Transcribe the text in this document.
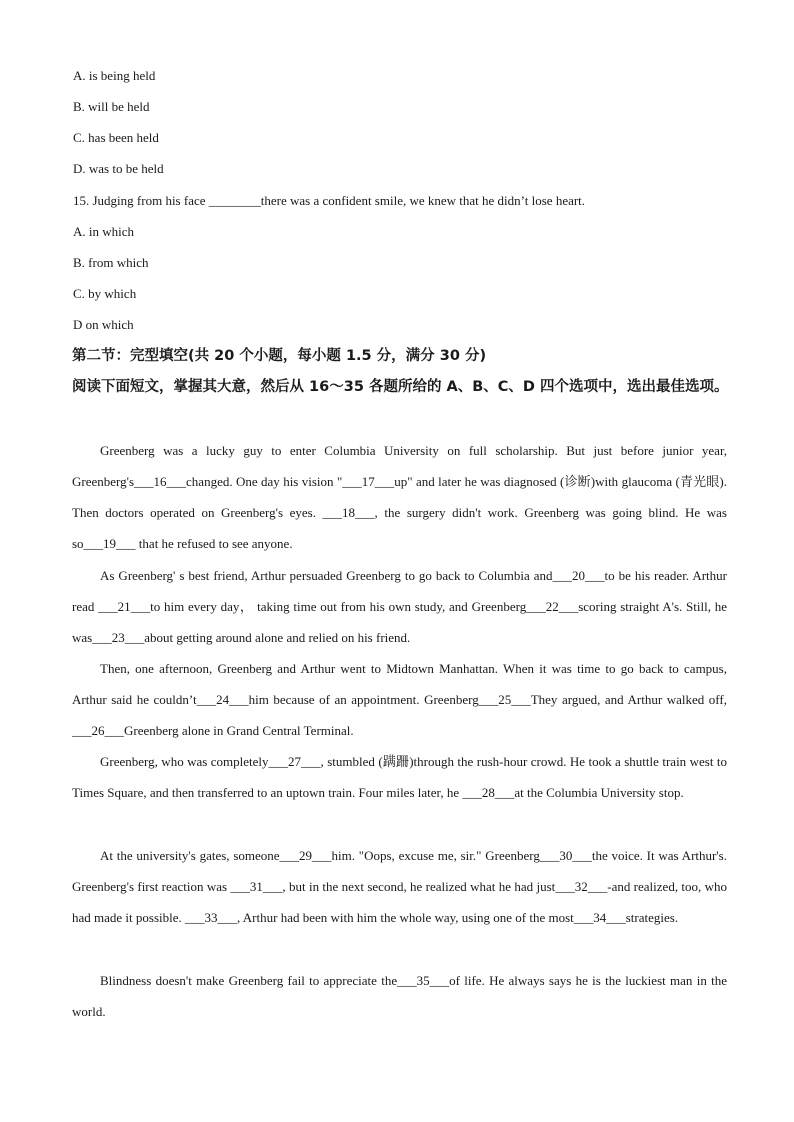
A. is being held
B. will be held
C. has been held
D. was to be held
15. Judging from his face ________there was a confident smile, we knew that he didn’t lose heart.
A. in which
B. from which
C. by which
D on which
第二节：完型填空(共 20 个小题，每小题 1.5 分，满分 30 分)
阅读下面短文，掌握其大意，然后从 16～35 各题所给的 A、B、C、D 四个选项中，选出最佳选项。
Greenberg was a lucky guy to enter Columbia University on full scholarship. But just before junior year, Greenberg's___16___changed. One day his vision "___17___up" and later he was diagnosed (诊断)with glaucoma (青光眼). Then doctors operated on Greenberg's eyes. ___18___, the surgery didn't work. Greenberg was going blind. He was so___19___ that he refused to see anyone.
As Greenberg' s best friend, Arthur persuaded Greenberg to go back to Columbia and___20___to be his reader. Arthur read ___21___to him every day， taking time out from his own study, and Greenberg___22___scoring straight A's. Still, he was___23___about getting around alone and relied on his friend.
Then, one afternoon, Greenberg and Arthur went to Midtown Manhattan. When it was time to go back to campus, Arthur said he couldn’t___24___him because of an appointment. Greenberg___25___They argued, and Arthur walked off, ___26___Greenberg alone in Grand Central Terminal.
Greenberg, who was completely___27___, stumbled (蹒跚)through the rush-hour crowd. He took a shuttle train west to Times Square, and then transferred to an uptown train. Four miles later, he ___28___at the Columbia University stop.
At the university's gates, someone___29___him. "Oops, excuse me, sir." Greenberg___30___the voice. It was Arthur's. Greenberg's first reaction was ___31___, but in the next second, he realized what he had just___32___-and realized, too, who had made it possible. ___33___, Arthur had been with him the whole way, using one of the most___34___strategies.
Blindness doesn't make Greenberg fail to appreciate the___35___of life. He always says he is the luckiest man in the world.
